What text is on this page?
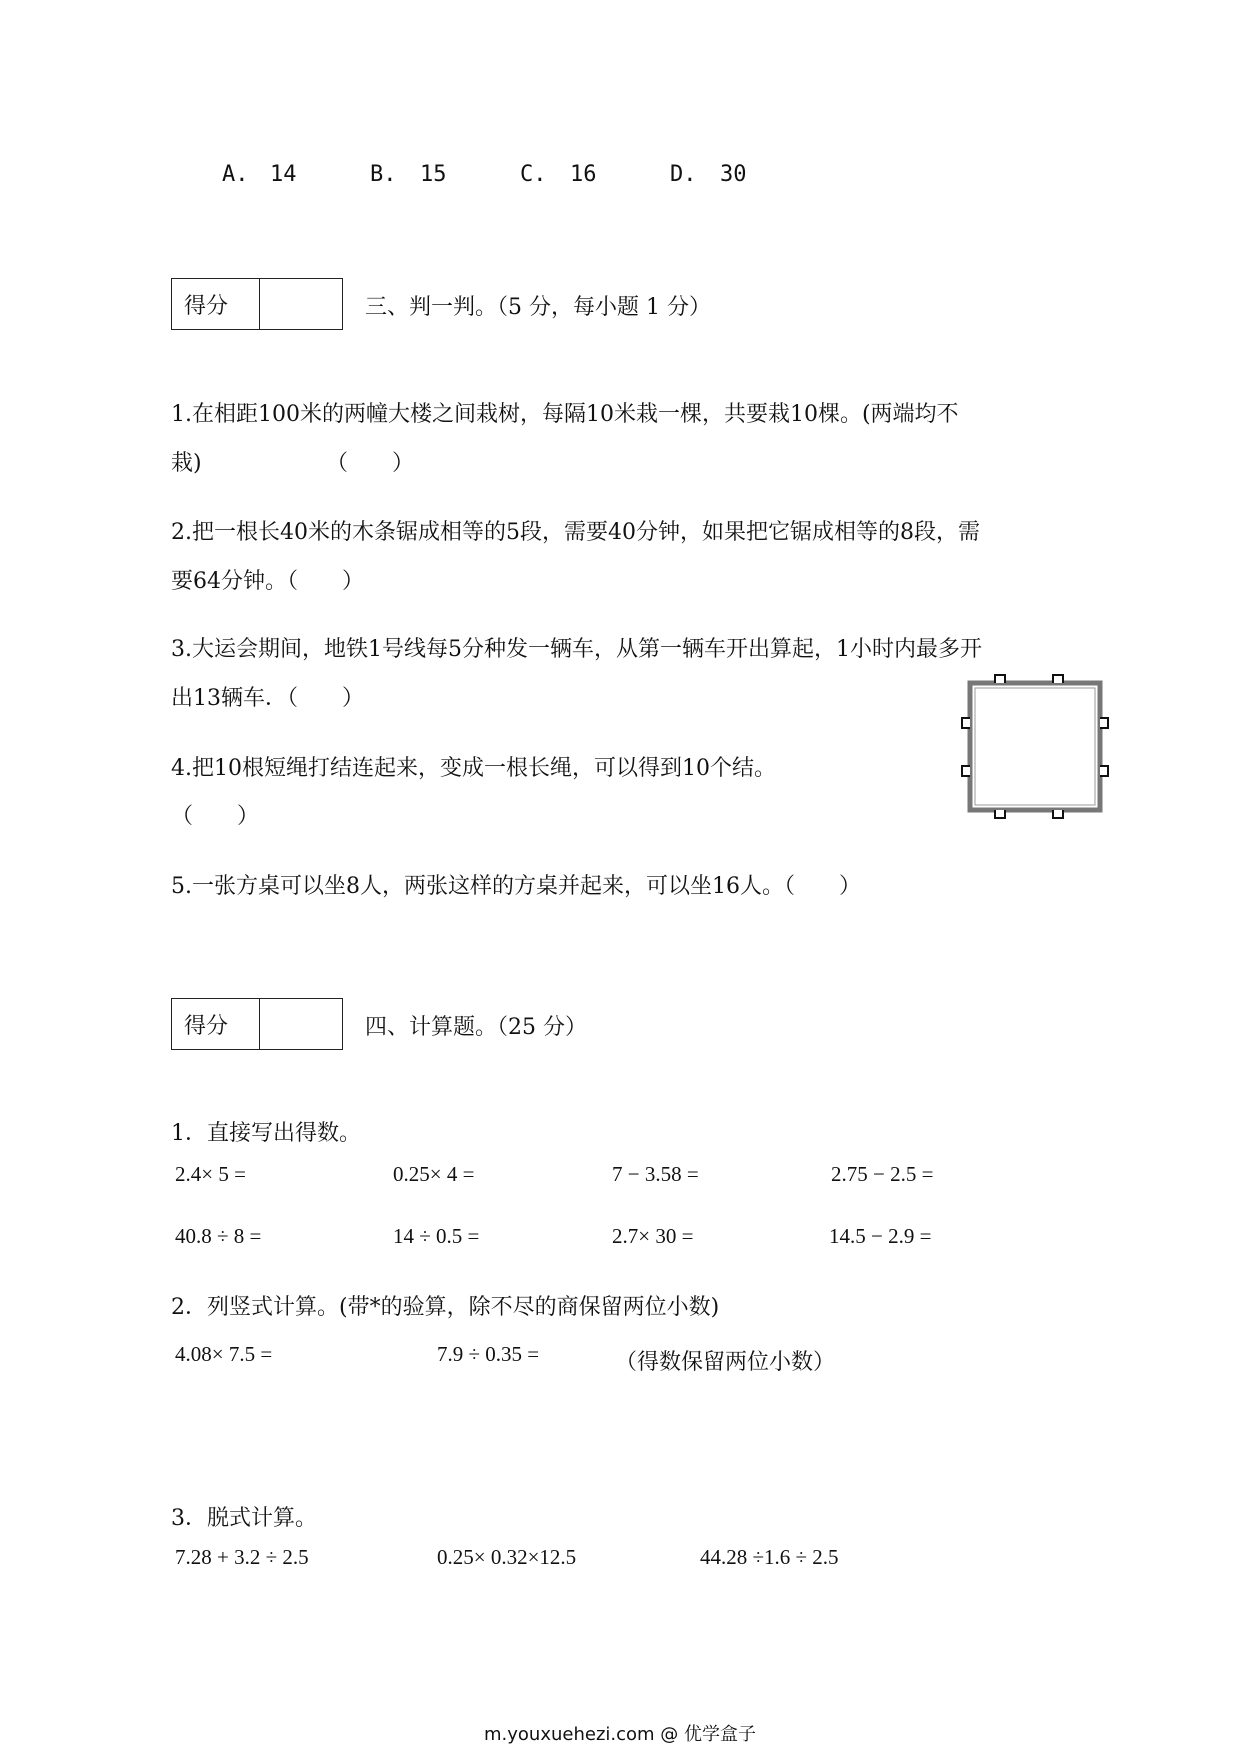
A. 14	B. 15	C. 16	D. 30
得分	三、判一判。（5 分，每小题 1 分）
1.在相距100米的两幢大楼之间栽树，每隔10米栽一棵，共要栽10棵。(两端均不
栽)	（　　）
2.把一根长40米的木条锯成相等的5段，需要40分钟，如果把它锯成相等的8段，需
要64分钟。（　　）
3.大运会期间，地铁1号线每5分种发一辆车，从第一辆车开出算起，1小时内最多开
出13辆车．（　　）
4.把10根短绳打结连起来，变成一根长绳，可以得到10个结。
（　　）
5.一张方桌可以坐8人，两张这样的方桌并起来，可以坐16人。（　　）
得分	四、计算题。（25 分）
1．直接写出得数。
2.4× 5 =	0.25× 4 =	7 − 3.58 =	2.75 − 2.5 =
40.8 ÷ 8 =	14 ÷ 0.5 =	2.7× 30 =	14.5 − 2.9 =
2．列竖式计算。(带*的验算，除不尽的商保留两位小数)
4.08× 7.5 =	7.9 ÷ 0.35 =	（得数保留两位小数）
3．脱式计算。
7.28 + 3.2 ÷ 2.5	0.25× 0.32×12.5	44.28 ÷1.6 ÷ 2.5
m.youxuehezi.com @ 优学盒子
